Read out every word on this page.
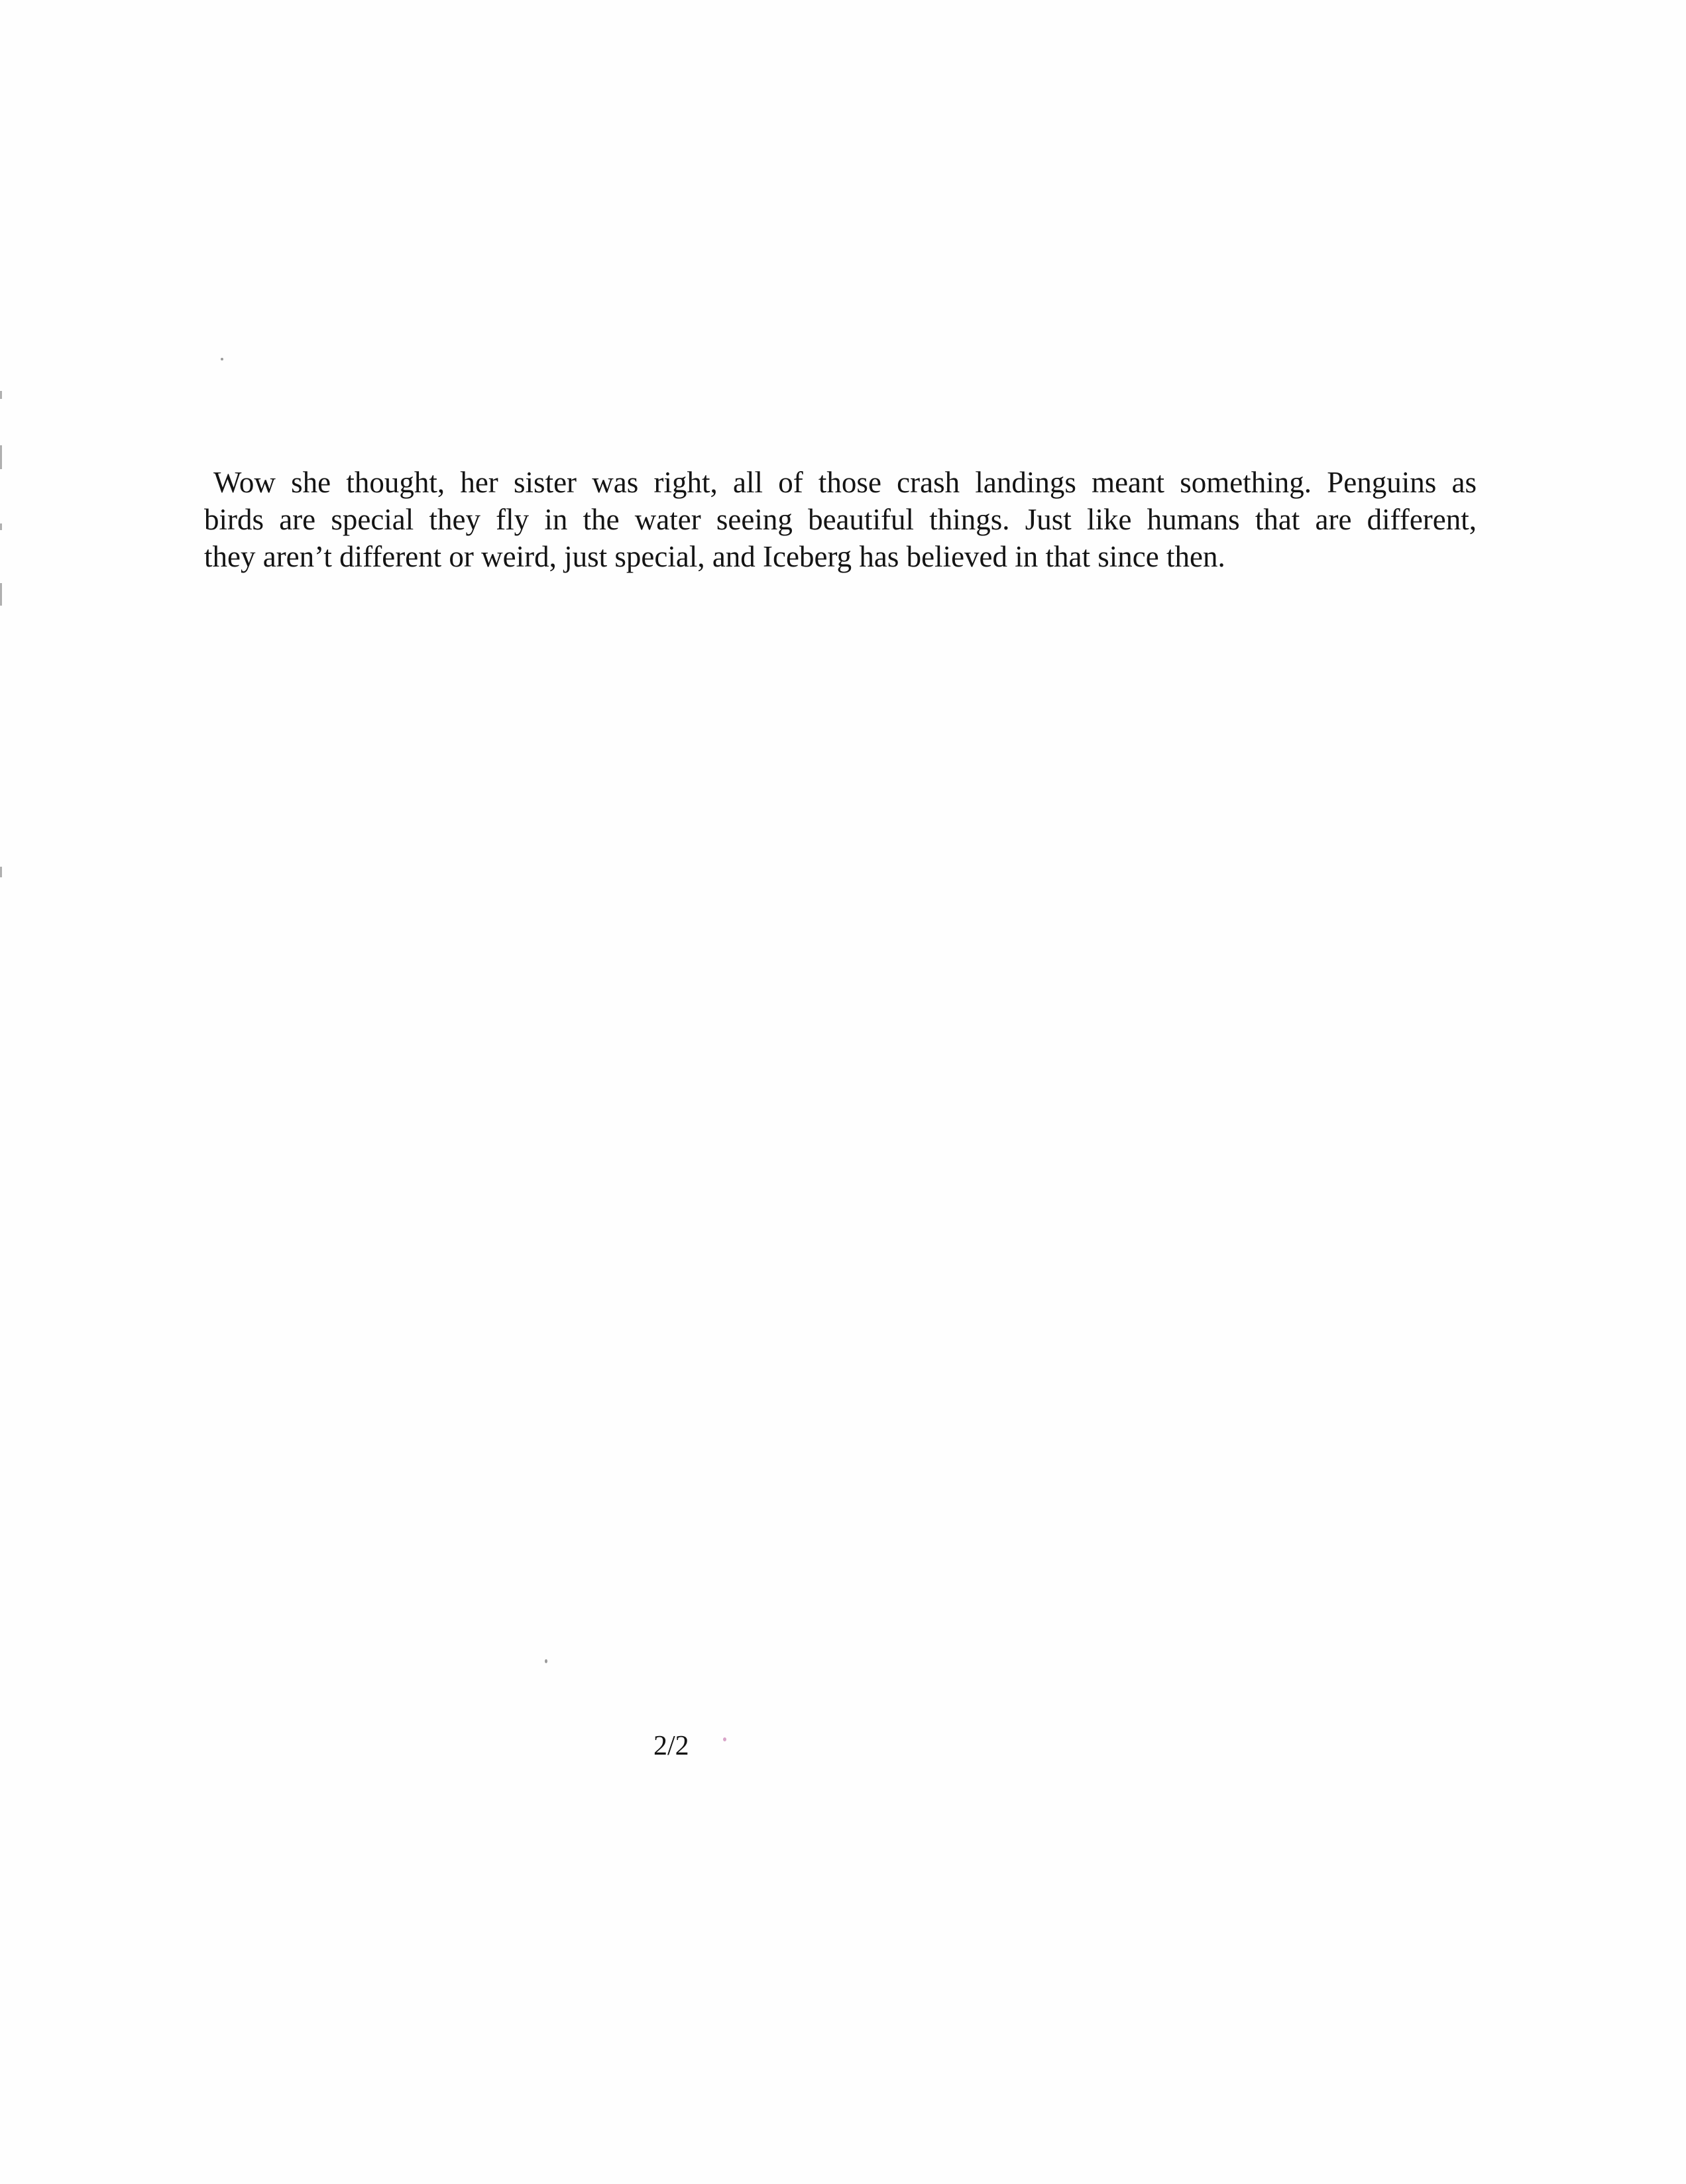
Wow she thought, her sister was right, all of those crash landings meant something. Penguins as
birds are special they fly in the water seeing beautiful things. Just like humans that are different,
they aren’t different or weird, just special, and Iceberg has believed in that since then.
2/2
